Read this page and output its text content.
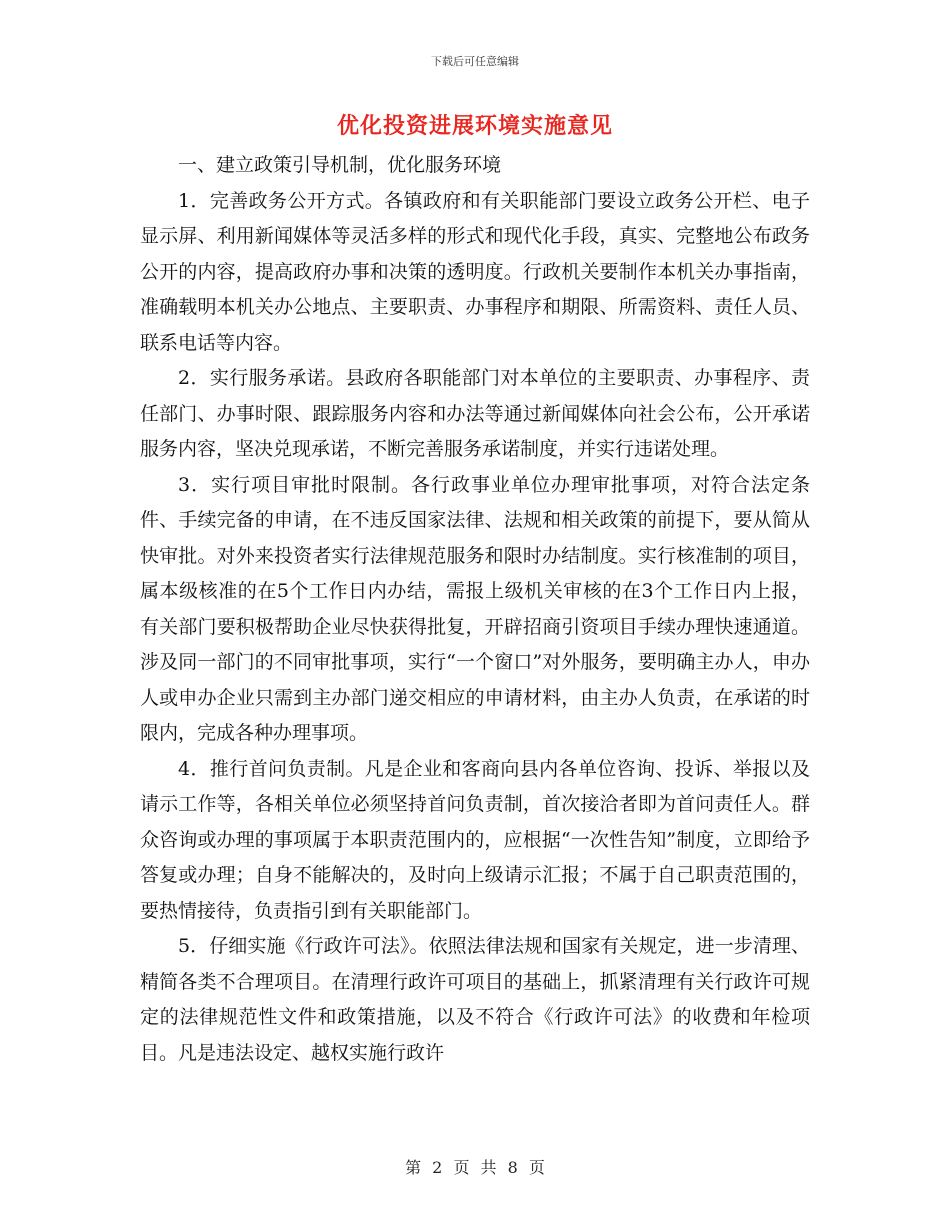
下载后可任意编辑
优化投资进展环境实施意见

一、建立政策引导机制，优化服务环境

1．完善政务公开方式。各镇政府和有关职能部门要设立政务公开栏、电子显示屏、利用新闻媒体等灵活多样的形式和现代化手段，真实、完整地公布政务公开的内容，提高政府办事和决策的透明度。行政机关要制作本机关办事指南，准确载明本机关办公地点、主要职责、办事程序和期限、所需资料、责任人员、联系电话等内容。

2．实行服务承诺。县政府各职能部门对本单位的主要职责、办事程序、责任部门、办事时限、跟踪服务内容和办法等通过新闻媒体向社会公布，公开承诺服务内容，坚决兑现承诺，不断完善服务承诺制度，并实行违诺处理。

3．实行项目审批时限制。各行政事业单位办理审批事项，对符合法定条件、手续完备的申请，在不违反国家法律、法规和相关政策的前提下，要从简从快审批。对外来投资者实行法律规范服务和限时办结制度。实行核准制的项目，属本级核准的在5个工作日内办结，需报上级机关审核的在3个工作日内上报，有关部门要积极帮助企业尽快获得批复，开辟招商引资项目手续办理快速通道。涉及同一部门的不同审批事项，实行“一个窗口”对外服务，要明确主办人，申办人或申办企业只需到主办部门递交相应的申请材料，由主办人负责，在承诺的时限内，完成各种办理事项。

4．推行首问负责制。凡是企业和客商向县内各单位咨询、投诉、举报以及请示工作等，各相关单位必须坚持首问负责制，首次接洽者即为首问责任人。群众咨询或办理的事项属于本职责范围内的，应根据“一次性告知”制度，立即给予答复或办理；自身不能解决的，及时向上级请示汇报；不属于自己职责范围的，要热情接待，负责指引到有关职能部门。

5．仔细实施《行政许可法》。依照法律法规和国家有关规定，进一步清理、精简各类不合理项目。在清理行政许可项目的基础上，抓紧清理有关行政许可规定的法律规范性文件和政策措施，以及不符合《行政许可法》的收费和年检项目。凡是违法设定、越权实施行政许

第 2 页 共 8 页
